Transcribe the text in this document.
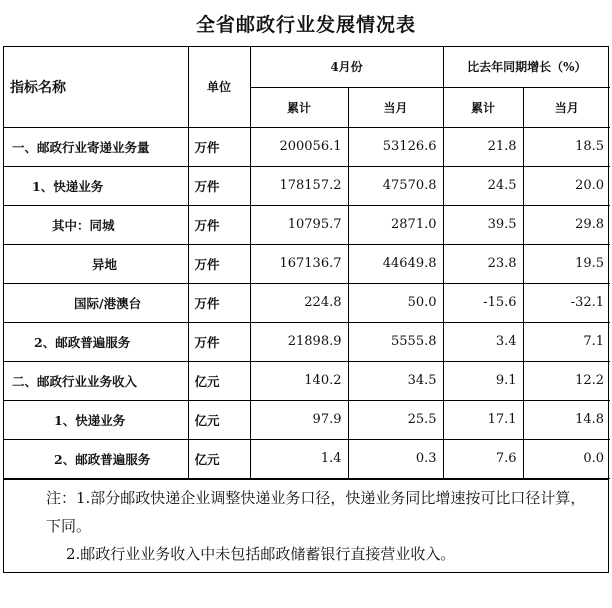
全省邮政行业发展情况表
指标名称	单位	4月份		比去年同期增长（%）	
		累计	当月	累计	当月
一、邮政行业寄递业务量	万件	200056.1	53126.6	21.8	18.5
1、快递业务	万件	178157.2	47570.8	24.5	20.0
其中：同城	万件	10795.7	2871.0	39.5	29.8
异地	万件	167136.7	44649.8	23.8	19.5
国际/港澳台	万件	224.8	50.0	-15.6	-32.1
2、邮政普遍服务	万件	21898.9	5555.8	3.4	7.1
二、邮政行业业务收入	亿元	140.2	34.5	9.1	12.2
1、快递业务	亿元	97.9	25.5	17.1	14.8
2、邮政普遍服务	亿元	1.4	0.3	7.6	0.0

注：1.部分邮政快递企业调整快递业务口径，快递业务同比增速按可比口径计算，下同。

2.邮政行业业务收入中未包括邮政储蓄银行直接营业收入。
